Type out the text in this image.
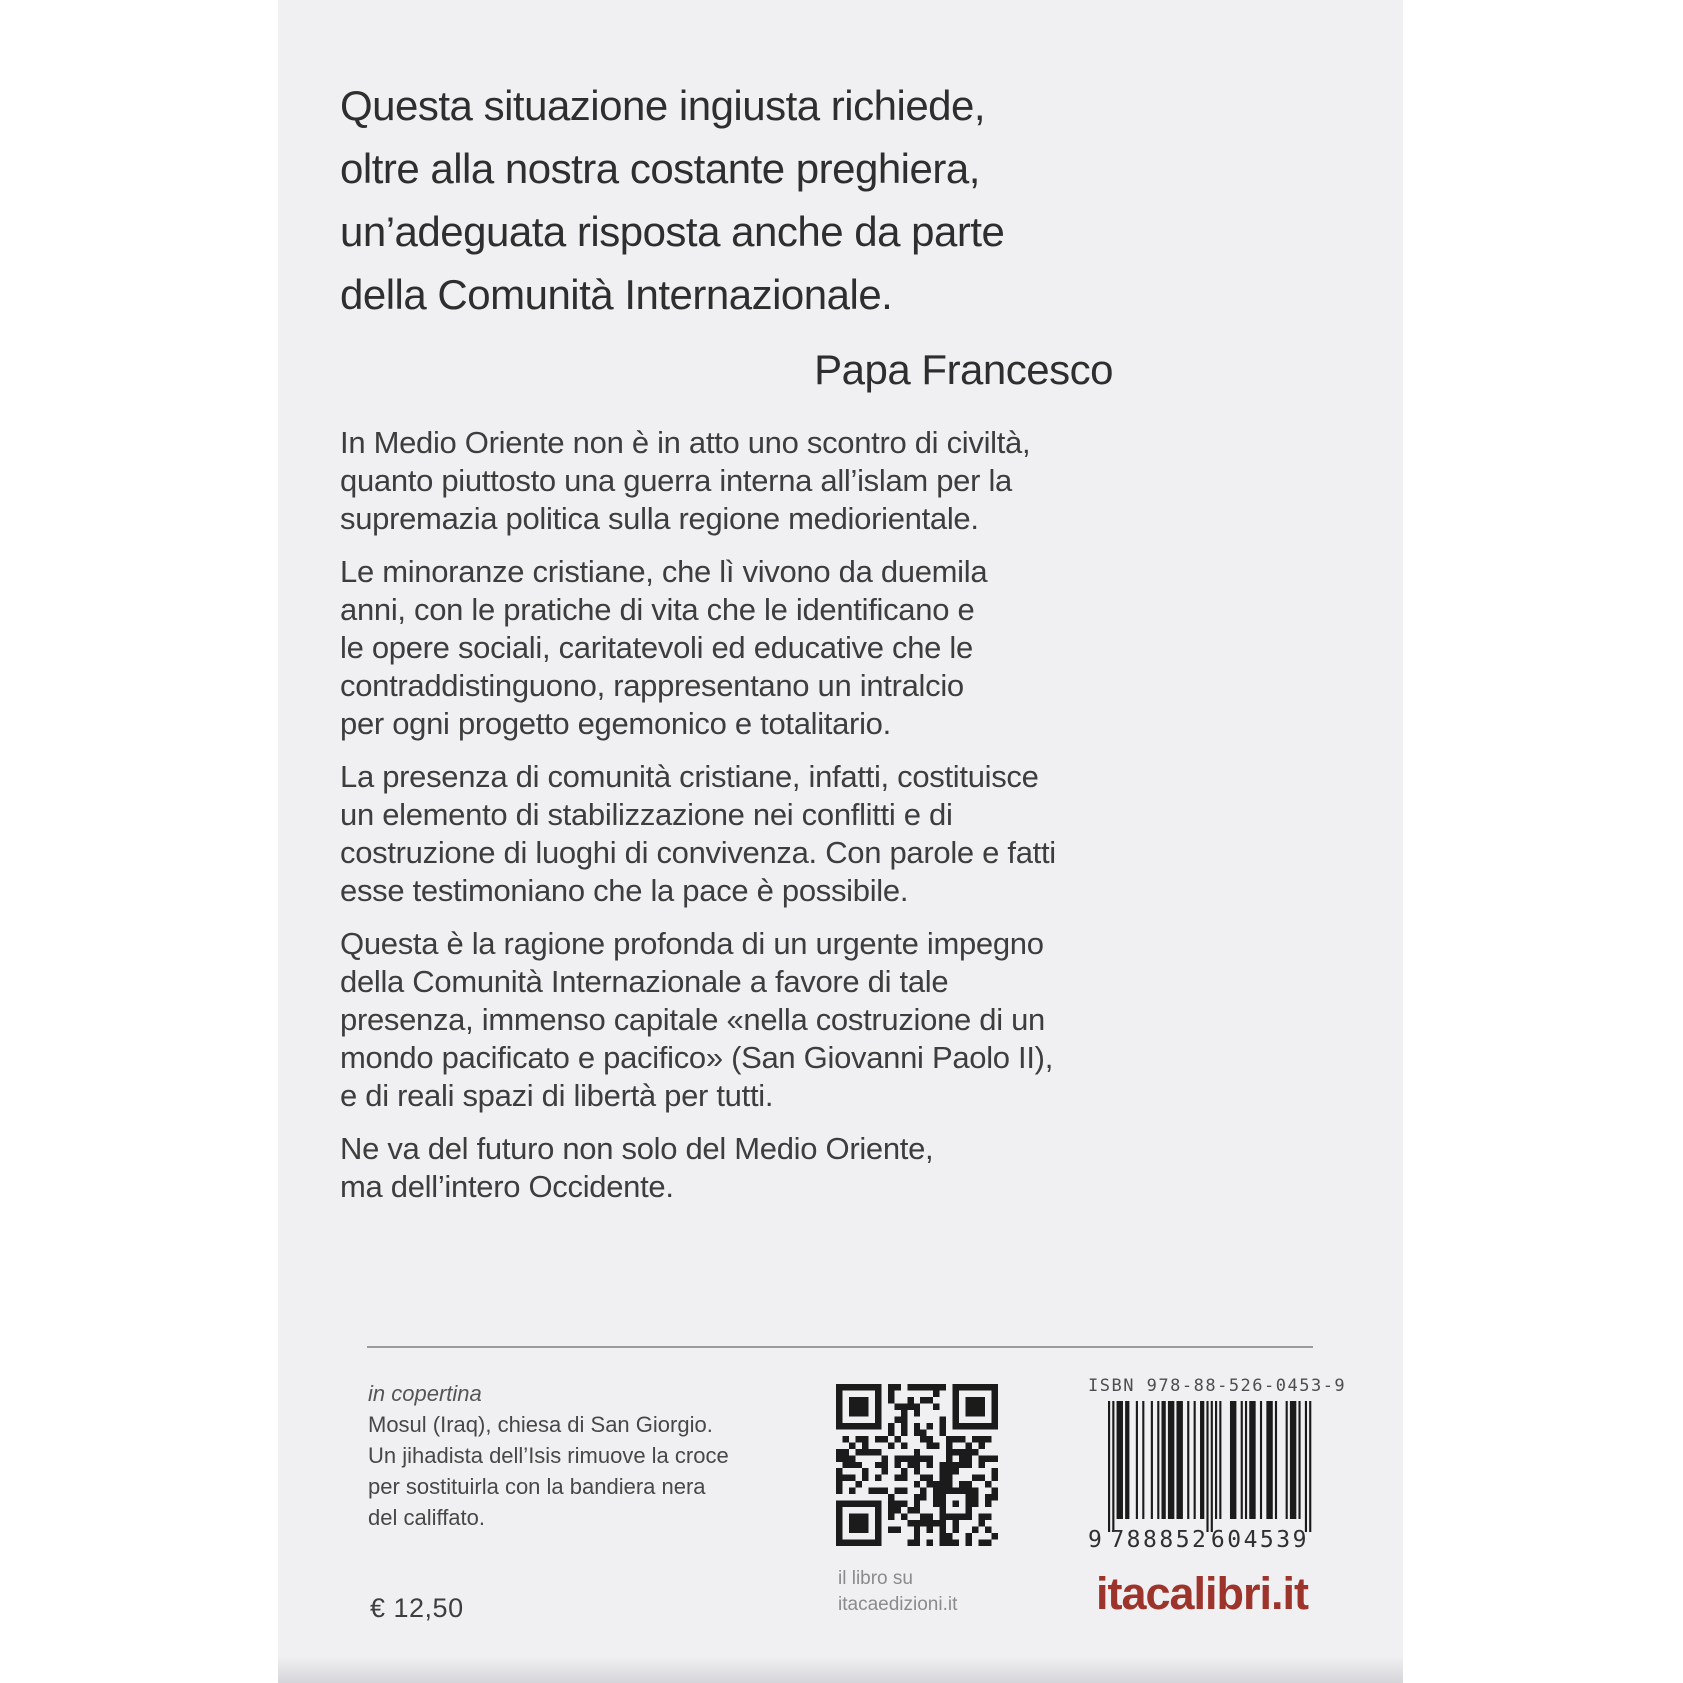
Questa situazione ingiusta richiede,
oltre alla nostra costante preghiera,
un’adeguata risposta anche da parte
della Comunità Internazionale.
Papa Francesco

In Medio Oriente non è in atto uno scontro di civiltà,
quanto piuttosto una guerra interna all’islam per la
supremazia politica sulla regione mediorientale.

Le minoranze cristiane, che lì vivono da duemila
anni, con le pratiche di vita che le identificano e
le opere sociali, caritatevoli ed educative che le
contraddistinguono, rappresentano un intralcio
per ogni progetto egemonico e totalitario.

La presenza di comunità cristiane, infatti, costituisce
un elemento di stabilizzazione nei conflitti e di
costruzione di luoghi di convivenza. Con parole e fatti
esse testimoniano che la pace è possibile.

Questa è la ragione profonda di un urgente impegno
della Comunità Internazionale a favore di tale
presenza, immenso capitale «nella costruzione di un
mondo pacificato e pacifico» (San Giovanni Paolo II),
e di reali spazi di libertà per tutti.

Ne va del futuro non solo del Medio Oriente,
ma dell’intero Occidente.

in copertina
Mosul (Iraq), chiesa di San Giorgio.
Un jihadista dell’Isis rimuove la croce
per sostituirla con la bandiera nera
del califfato.
€ 12,50
il libro su
itacaedizioni.it
ISBN 978-88-526-0453-9
9 788852 604539
itacalibri.it
